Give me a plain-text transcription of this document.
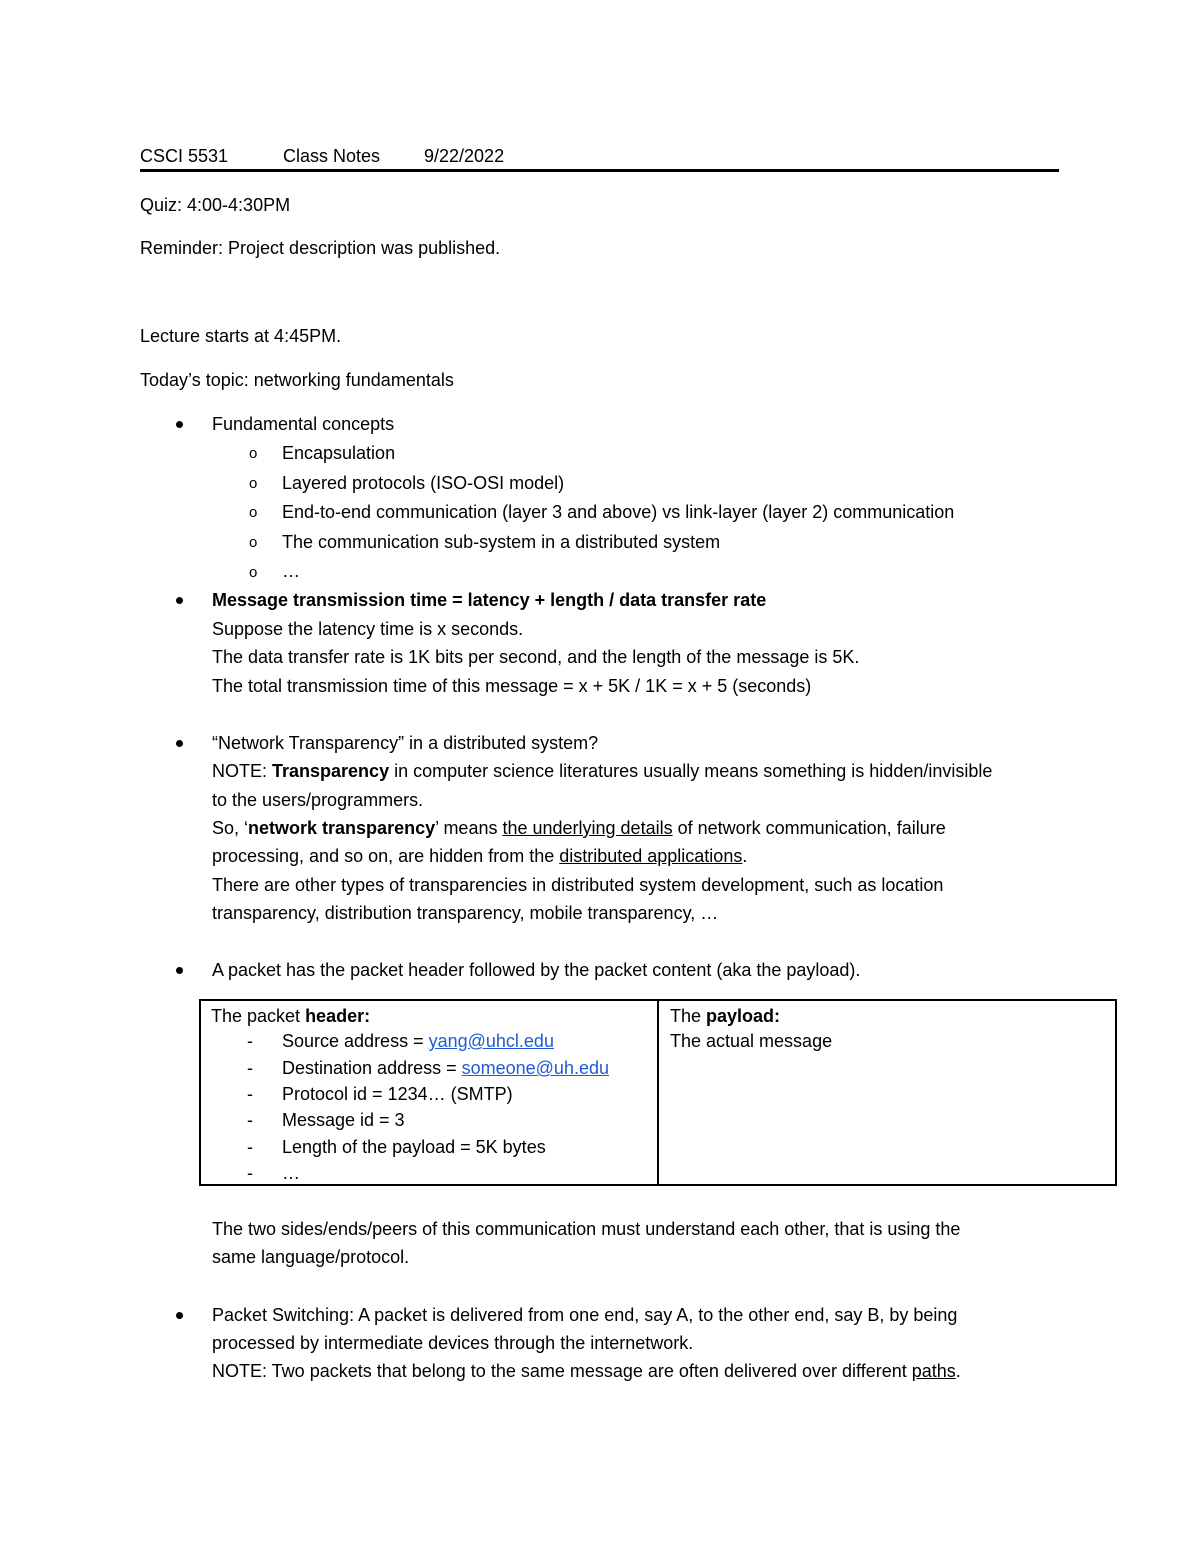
CSCI 5531	Class Notes 9/22/2022
Quiz: 4:00-4:30PM
Reminder: Project description was published.
Lecture starts at 4:45PM.
Today’s topic: networking fundamentals
Fundamental concepts
o Encapsulation
o Layered protocols (ISO-OSI model)
o End-to-end communication (layer 3 and above) vs link-layer (layer 2) communication
o The communication sub-system in a distributed system
o …
Message transmission time = latency + length / data transfer rate
Suppose the latency time is x seconds.
The data transfer rate is 1K bits per second, and the length of the message is 5K.
The total transmission time of this message = x + 5K / 1K = x + 5 (seconds)
“Network Transparency” in a distributed system?
NOTE: Transparency in computer science literatures usually means something is hidden/invisible
to the users/programmers.
So, ‘network transparency’ means the underlying details of network communication, failure
processing, and so on, are hidden from the distributed applications.
There are other types of transparencies in distributed system development, such as location
transparency, distribution transparency, mobile transparency, …
A packet has the packet header followed by the packet content (aka the payload).
The packet header:
- Source address = yang@uhcl.edu
- Destination address = someone@uh.edu
- Protocol id = 1234… (SMTP)
- Message id = 3
- Length of the payload = 5K bytes
- …
The payload:
The actual message
The two sides/ends/peers of this communication must understand each other, that is using the
same language/protocol.
Packet Switching: A packet is delivered from one end, say A, to the other end, say B, by being
processed by intermediate devices through the internetwork.
NOTE: Two packets that belong to the same message are often delivered over different paths.
